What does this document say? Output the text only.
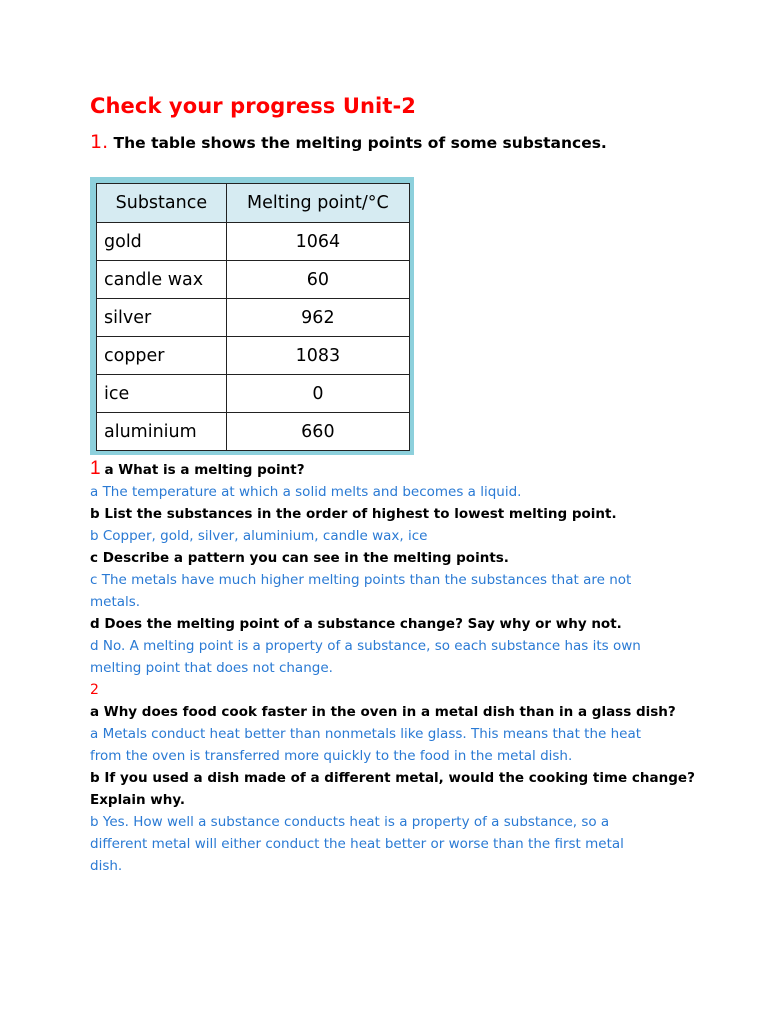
Check your progress Unit-2
1. The table shows the melting points of some substances.
Substance	Melting point/°C
gold	1064
candle wax	60
silver	962
copper	1083
ice	0
aluminium	660
1 a What is a melting point?
a The temperature at which a solid melts and becomes a liquid.
b List the substances in the order of highest to lowest melting point.
b Copper, gold, silver, aluminium, candle wax, ice
c Describe a pattern you can see in the melting points.
c The metals have much higher melting points than the substances that are not
metals.
d Does the melting point of a substance change? Say why or why not.
d No. A melting point is a property of a substance, so each substance has its own
melting point that does not change.
2
a Why does food cook faster in the oven in a metal dish than in a glass dish?
a Metals conduct heat better than nonmetals like glass. This means that the heat
from the oven is transferred more quickly to the food in the metal dish.
b If you used a dish made of a different metal, would the cooking time change?
Explain why.
b Yes. How well a substance conducts heat is a property of a substance, so a
different metal will either conduct the heat better or worse than the first metal
dish.
